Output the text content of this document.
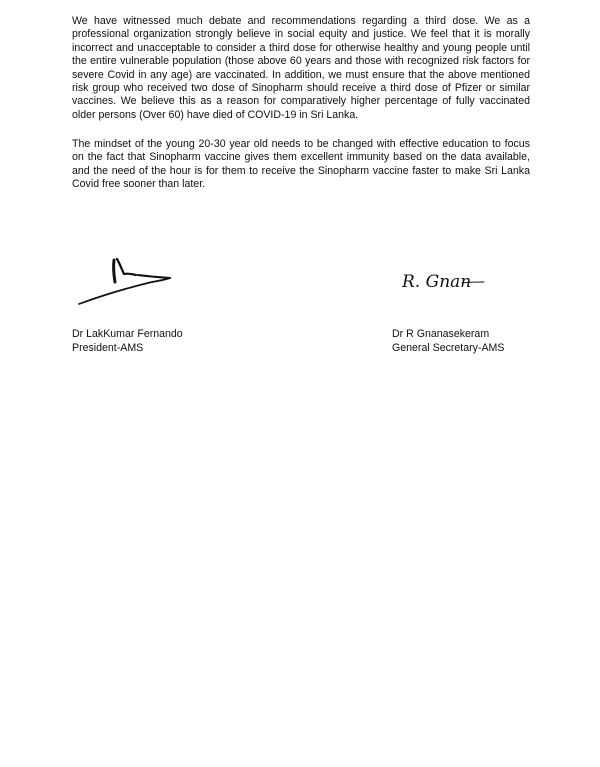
We have witnessed much debate and recommendations regarding a third dose. We as a professional organization strongly believe in social equity and justice. We feel that it is morally incorrect and unacceptable to consider a third dose for otherwise healthy and young people until the entire vulnerable population (those above 60 years and those with recognized risk factors for severe Covid in any age) are vaccinated. In addition, we must ensure that the above mentioned risk group who received two dose of Sinopharm should receive a third dose of Pfizer or similar vaccines. We believe this as a reason for comparatively higher percentage of fully vaccinated older persons (Over 60) have died of COVID-19 in Sri Lanka.

The mindset of the young 20-30 year old needs to be changed with effective education to focus on the fact that Sinopharm vaccine gives them excellent immunity based on the data available, and the need of the hour is for them to receive the Sinopharm vaccine faster to make Sri Lanka Covid free sooner than later.

R. Gnan
Dr LakKumar Fernando
President-AMS
Dr R Gnanasekeram
General Secretary-AMS
